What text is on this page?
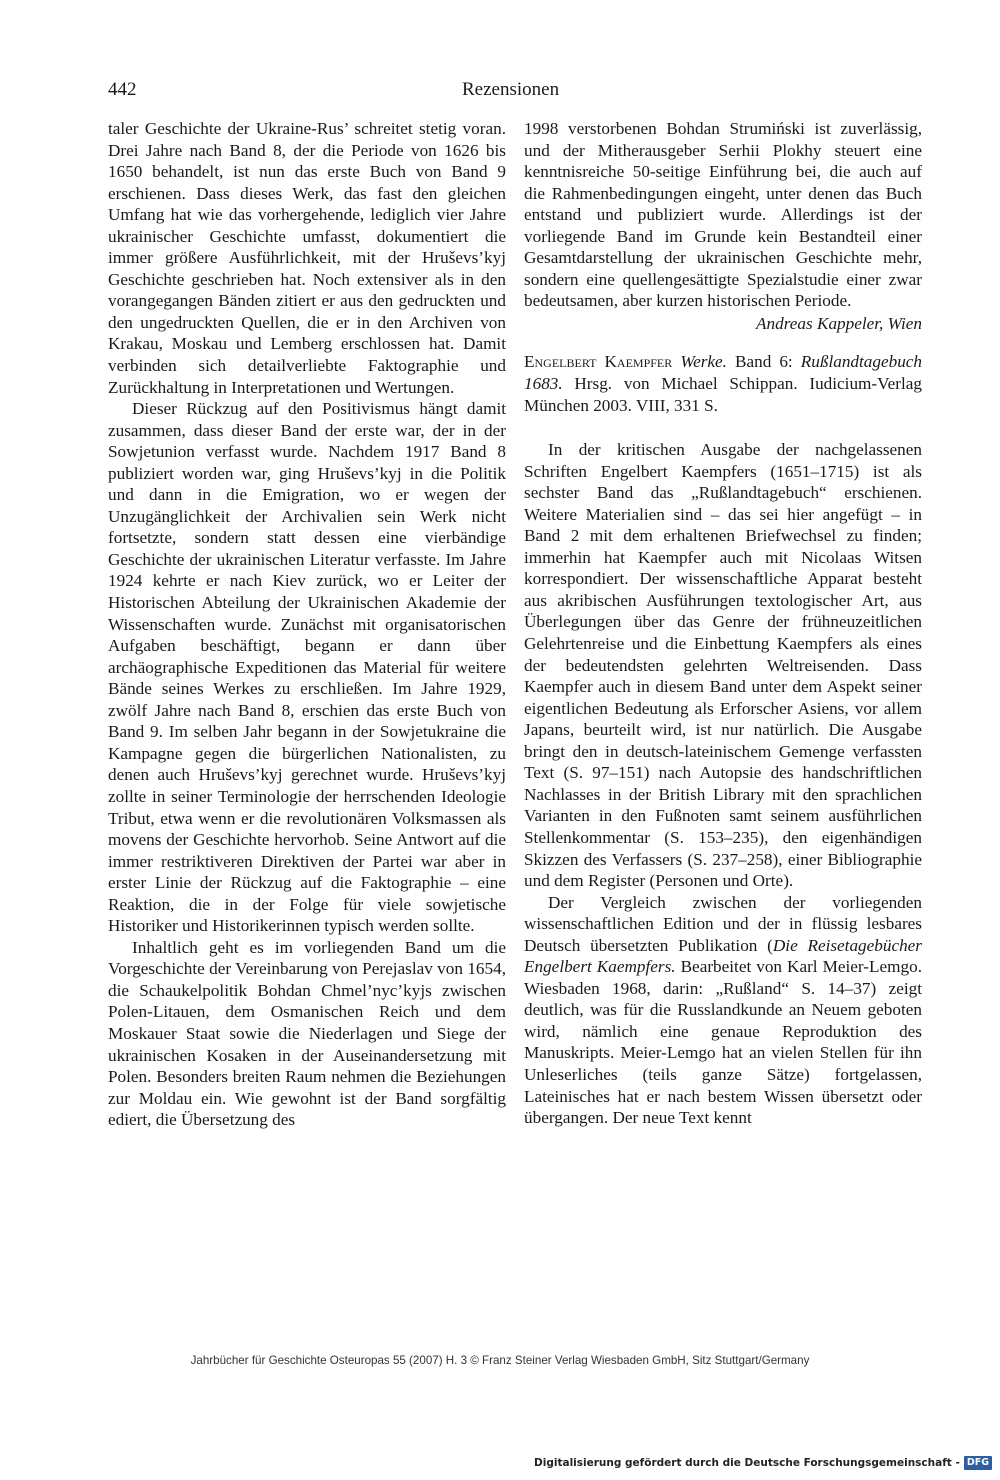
442	Rezensionen

taler Geschichte der Ukraine-Rus’ schreitet stetig voran. Drei Jahre nach Band 8, der die Periode von 1626 bis 1650 behandelt, ist nun das erste Buch von Band 9 erschienen. Dass dieses Werk, das fast den gleichen Umfang hat wie das vorhergehende, lediglich vier Jahre ukrainischer Geschichte umfasst, dokumentiert die immer größere Ausführlichkeit, mit der Hruševs’kyj Geschichte geschrieben hat. Noch extensiver als in den vorangegangen Bänden zitiert er aus den gedruckten und den ungedruckten Quellen, die er in den Archiven von Krakau, Moskau und Lemberg erschlossen hat. Damit verbinden sich detailverliebte Faktographie und Zurückhaltung in Interpretationen und Wertungen.

Dieser Rückzug auf den Positivismus hängt damit zusammen, dass dieser Band der erste war, der in der Sowjetunion verfasst wurde. Nachdem 1917 Band 8 publiziert worden war, ging Hruševs’kyj in die Politik und dann in die Emigration, wo er wegen der Unzugänglichkeit der Archivalien sein Werk nicht fortsetzte, sondern statt dessen eine vierbändige Geschichte der ukrainischen Literatur verfasste. Im Jahre 1924 kehrte er nach Kiev zurück, wo er Leiter der Historischen Abteilung der Ukrainischen Akademie der Wissenschaften wurde. Zunächst mit organisatorischen Aufgaben beschäftigt, begann er dann über archäographische Expeditionen das Material für weitere Bände seines Werkes zu erschließen. Im Jahre 1929, zwölf Jahre nach Band 8, erschien das erste Buch von Band 9. Im selben Jahr begann in der Sowjetukraine die Kampagne gegen die bürgerlichen Nationalisten, zu denen auch Hruševs’kyj gerechnet wurde. Hruševs’kyj zollte in seiner Terminologie der herrschenden Ideologie Tribut, etwa wenn er die revolutionären Volksmassen als movens der Geschichte hervorhob. Seine Antwort auf die immer restriktiveren Direktiven der Partei war aber in erster Linie der Rückzug auf die Faktographie – eine Reaktion, die in der Folge für viele sowjetische Historiker und Historikerinnen typisch werden sollte.

Inhaltlich geht es im vorliegenden Band um die Vorgeschichte der Vereinbarung von Perejaslav von 1654, die Schaukelpolitik Bohdan Chmel’nyc’kyjs zwischen Polen-Litauen, dem Osmanischen Reich und dem Moskauer Staat sowie die Niederlagen und Siege der ukrainischen Kosaken in der Auseinandersetzung mit Polen. Besonders breiten Raum nehmen die Beziehungen zur Moldau ein. Wie gewohnt ist der Band sorgfältig ediert, die Übersetzung des

1998 verstorbenen Bohdan Strumiński ist zuverlässig, und der Mitherausgeber Serhii Plokhy steuert eine kenntnisreiche 50-seitige Einführung bei, die auch auf die Rahmenbedingungen eingeht, unter denen das Buch entstand und publiziert wurde. Allerdings ist der vorliegende Band im Grunde kein Bestandteil einer Gesamtdarstellung der ukrainischen Geschichte mehr, sondern eine quellengesättigte Spezialstudie einer zwar bedeutsamen, aber kurzen historischen Periode.

Andreas Kappeler, Wien

Engelbert Kaempfer Werke. Band 6: Rußlandtagebuch 1683. Hrsg. von Michael Schippan. Iudicium-Verlag München 2003. VIII, 331 S.

In der kritischen Ausgabe der nachgelassenen Schriften Engelbert Kaempfers (1651–1715) ist als sechster Band das „Rußlandtagebuch“ erschienen. Weitere Materialien sind – das sei hier angefügt – in Band 2 mit dem erhaltenen Briefwechsel zu finden; immerhin hat Kaempfer auch mit Nicolaas Witsen korrespondiert. Der wissenschaftliche Apparat besteht aus akribischen Ausführungen textologischer Art, aus Überlegungen über das Genre der frühneuzeitlichen Gelehrtenreise und die Einbettung Kaempfers als eines der bedeutendsten gelehrten Weltreisenden. Dass Kaempfer auch in diesem Band unter dem Aspekt seiner eigentlichen Bedeutung als Erforscher Asiens, vor allem Japans, beurteilt wird, ist nur natürlich. Die Ausgabe bringt den in deutsch-lateinischem Gemenge verfassten Text (S. 97–151) nach Autopsie des handschriftlichen Nachlasses in der British Library mit den sprachlichen Varianten in den Fußnoten samt seinem ausführlichen Stellenkommentar (S. 153–235), den eigenhändigen Skizzen des Verfassers (S. 237–258), einer Bibliographie und dem Register (Personen und Orte).

Der Vergleich zwischen der vorliegenden wissenschaftlichen Edition und der in flüssig lesbares Deutsch übersetzten Publikation (Die Reisetagebücher Engelbert Kaempfers. Bearbeitet von Karl Meier-Lemgo. Wiesbaden 1968, darin: „Rußland“ S. 14–37) zeigt deutlich, was für die Russlandkunde an Neuem geboten wird, nämlich eine genaue Reproduktion des Manuskripts. Meier-Lemgo hat an vielen Stellen für ihn Unleserliches (teils ganze Sätze) fortgelassen, Lateinisches hat er nach bestem Wissen übersetzt oder übergangen. Der neue Text kennt

Jahrbücher für Geschichte Osteuropas 55 (2007) H. 3 © Franz Steiner Verlag Wiesbaden GmbH, Sitz Stuttgart/Germany
Digitalisierung gefördert durch die Deutsche Forschungsgemeinschaft - DFG
